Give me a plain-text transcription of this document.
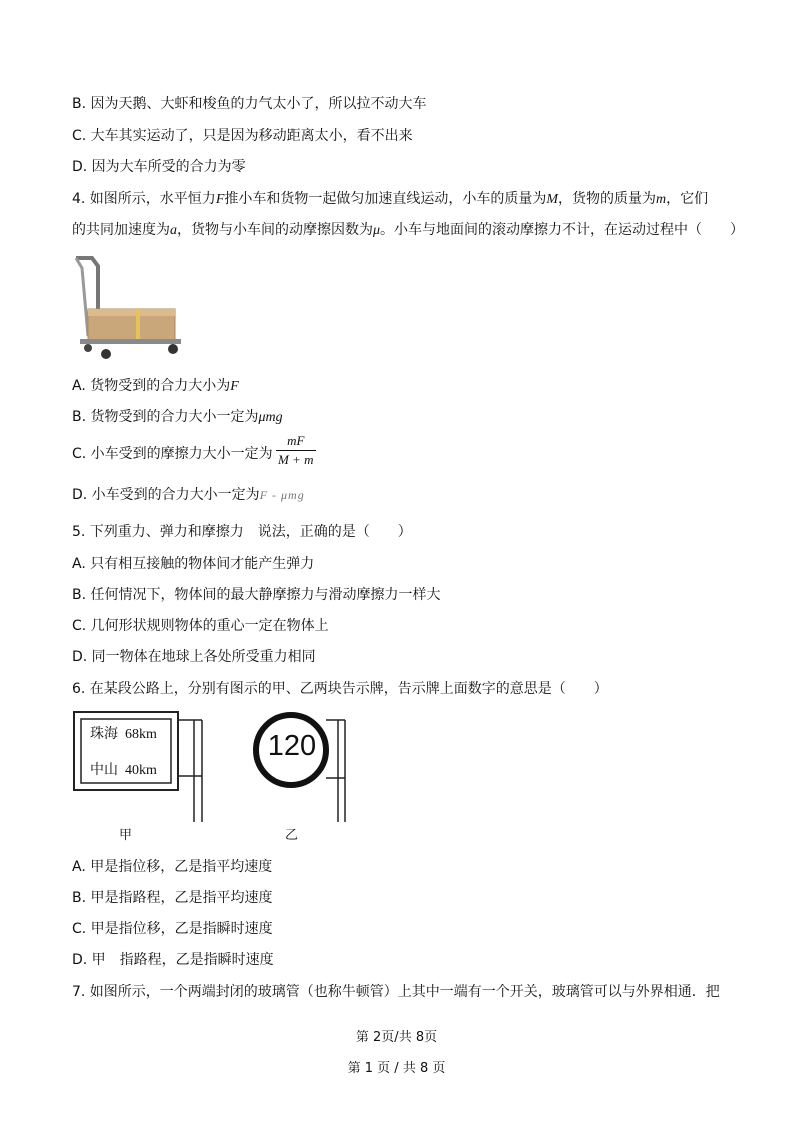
B. 因为天鹅、大虾和梭鱼的力气太小了，所以拉不动大车
C. 大车其实运动了，只是因为移动距离太小，看不出来
D. 因为大车所受的合力为零
4. 如图所示，水平恒力F推小车和货物一起做匀加速直线运动，小车的质量为M，货物的质量为m，它们
的共同加速度为a，货物与小车间的动摩擦因数为μ。小车与地面间的滚动摩擦力不计，在运动过程中（　　）
A. 货物受到的合力大小为F
B. 货物受到的合力大小一定为μmg
C. 小车受到的摩擦力大小一定为
mF
M + m
D. 小车受到的合力大小一定为F - μmg
5. 下列重力、弹力和摩擦力　说法，正确的是（　　）
A. 只有相互接触的物体间才能产生弹力
B. 任何情况下，物体间的最大静摩擦力与滑动摩擦力一样大
C. 几何形状规则物体的重心一定在物体上
D. 同一物体在地球上各处所受重力相同
6. 在某段公路上，分别有图示的甲、乙两块告示牌，告示牌上面数字的意思是（　　）
珠海  68km
中山  40km
甲
120
乙
A. 甲是指位移，乙是指平均速度
B. 甲是指路程，乙是指平均速度
C. 甲是指位移，乙是指瞬时速度
D. 甲　指路程，乙是指瞬时速度
7. 如图所示，一个两端封闭的玻璃管（也称牛顿管）上其中一端有一个开关，玻璃管可以与外界相通．把
第 2页/共 8页
第 1 页 / 共 8 页
